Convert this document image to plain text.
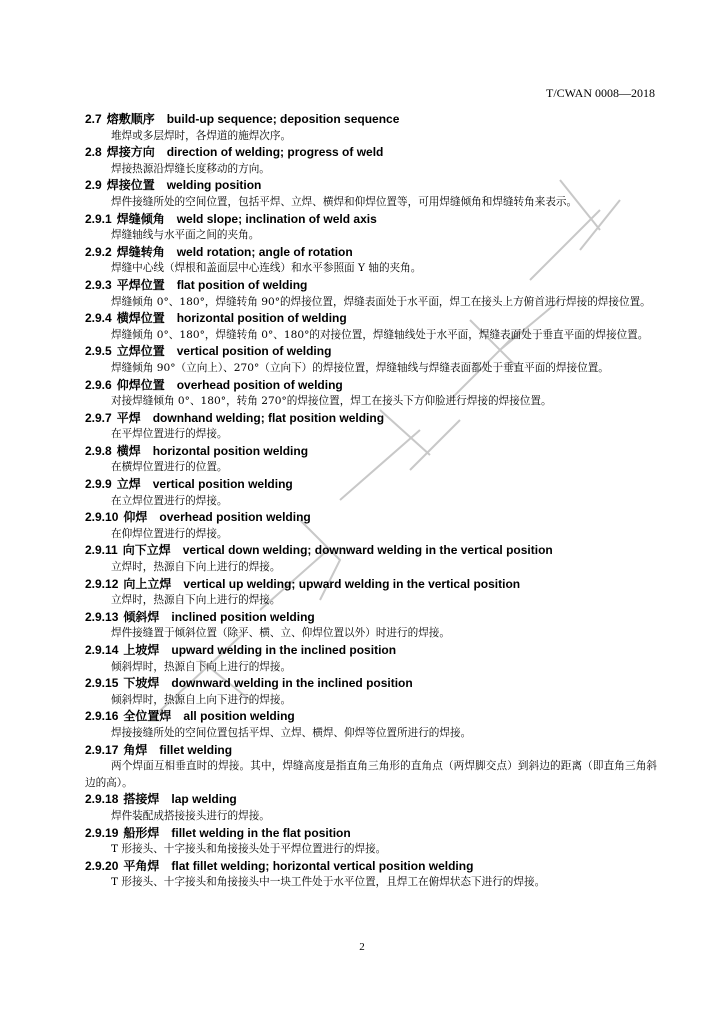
T/CWAN 0008—2018
2.7 熔敷顺序 build-up sequence; deposition sequence
堆焊或多层焊时，各焊道的施焊次序。
2.8 焊接方向 direction of welding; progress of weld
焊接热源沿焊缝长度移动的方向。
2.9 焊接位置 welding position
焊件接缝所处的空间位置，包括平焊、立焊、横焊和仰焊位置等，可用焊缝倾角和焊缝转角来表示。
2.9.1 焊缝倾角 weld slope; inclination of weld axis
焊缝轴线与水平面之间的夹角。
2.9.2 焊缝转角 weld rotation; angle of rotation
焊缝中心线（焊根和盖面层中心连线）和水平参照面 Y 轴的夹角。
2.9.3 平焊位置 flat position of welding
焊缝倾角 0°、180°，焊缝转角 90°的焊接位置，焊缝表面处于水平面，焊工在接头上方俯首进行焊接的焊接位置。
2.9.4 横焊位置 horizontal position of welding
焊缝倾角 0°、180°，焊缝转角 0°、180°的对接位置，焊缝轴线处于水平面，焊缝表面处于垂直平面的焊接位置。
2.9.5 立焊位置 vertical position of welding
焊缝倾角 90°（立向上）、270°（立向下）的焊接位置，焊缝轴线与焊缝表面都处于垂直平面的焊接位置。
2.9.6 仰焊位置 overhead position of welding
对接焊缝倾角 0°、180°，转角 270°的焊接位置，焊工在接头下方仰脸进行焊接的焊接位置。
2.9.7 平焊 downhand welding; flat position welding
在平焊位置进行的焊接。
2.9.8 横焊 horizontal position welding
在横焊位置进行的位置。
2.9.9 立焊 vertical position welding
在立焊位置进行的焊接。
2.9.10 仰焊 overhead position welding
在仰焊位置进行的焊接。
2.9.11 向下立焊 vertical down welding; downward welding in the vertical position
立焊时，热源自下向上进行的焊接。
2.9.12 向上立焊 vertical up welding; upward welding in the vertical position
立焊时，热源自下向上进行的焊接。
2.9.13 倾斜焊 inclined position welding
焊件接缝置于倾斜位置（除平、横、立、仰焊位置以外）时进行的焊接。
2.9.14 上坡焊 upward welding in the inclined position
倾斜焊时，热源自下向上进行的焊接。
2.9.15 下坡焊 downward welding in the inclined position
倾斜焊时，热源自上向下进行的焊接。
2.9.16 全位置焊 all position welding
焊接接缝所处的空间位置包括平焊、立焊、横焊、仰焊等位置所进行的焊接。
2.9.17 角焊 fillet welding
两个焊面互相垂直时的焊接。其中，焊缝高度是指直角三角形的直角点（两焊脚交点）到斜边的距离（即直角三角斜边的高）。
2.9.18 搭接焊 lap welding
焊件装配成搭接接头进行的焊接。
2.9.19 船形焊 fillet welding in the flat position
T 形接头、十字接头和角接接头处于平焊位置进行的焊接。
2.9.20 平角焊 flat fillet welding; horizontal vertical position welding
T 形接头、十字接头和角接接头中一块工件处于水平位置，且焊工在俯焊状态下进行的焊接。
2
